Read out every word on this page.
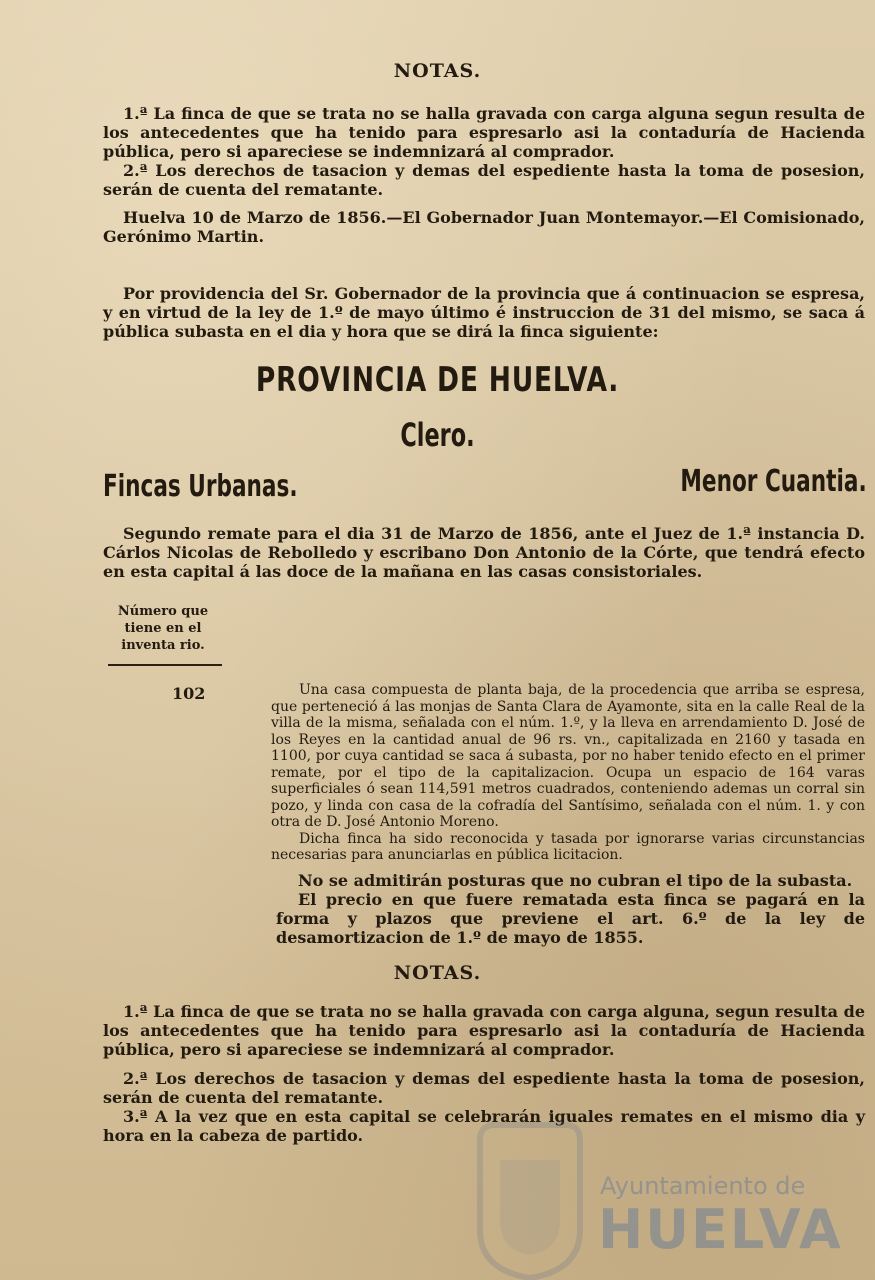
NOTAS.
1.ª La finca de que se trata no se halla gravada con carga alguna segun resulta de los antecedentes que ha tenido para espresarlo asi la contaduría de Hacienda pública, pero si apareciese se indemnizará al comprador.
2.ª Los derechos de tasacion y demas del espediente hasta la toma de posesion, serán de cuenta del rematante.
Huelva 10 de Marzo de 1856.—El Gobernador Juan Montemayor.—El Comisionado, Gerónimo Martin.
Por providencia del Sr. Gobernador de la provincia que á continuacion se espresa, y en virtud de la ley de 1.º de mayo último é instruccion de 31 del mismo, se saca á pública subasta en el dia y hora que se dirá la finca siguiente:
PROVINCIA DE HUELVA.
Clero.
Fincas Urbanas.	Menor Cuantia.
Segundo remate para el dia 31 de Marzo de 1856, ante el Juez de 1.ª instancia D. Cárlos Nicolas de Rebolledo y escribano Don Antonio de la Córte, que tendrá efecto en esta capital á las doce de la mañana en las casas consistoriales.
Número que tiene en el inventa rio.
102	Una casa compuesta de planta baja, de la procedencia que arriba se espresa, que perteneció á las monjas de Santa Clara de Ayamonte, sita en la calle Real de la villa de la misma, señalada con el núm. 1.º, y la lleva en arrendamiento D. José de los Reyes en la cantidad anual de 96 rs. vn., capitalizada en 2160 y tasada en 1100, por cuya cantidad se saca á subasta, por no haber tenido efecto en el primer remate, por el tipo de la capitalizacion. Ocupa un espacio de 164 varas superficiales ó sean 114,591 metros cuadrados, conteniendo ademas un corral sin pozo, y linda con casa de la cofradía del Santísimo, señalada con el núm. 1. y con otra de D. José Antonio Moreno.

Dicha finca ha sido reconocida y tasada por ignorarse varias circunstancias necesarias para anunciarlas en pública licitacion.

No se admitirán posturas que no cubran el tipo de la subasta.

El precio en que fuere rematada esta finca se pagará en la forma y plazos que previene el art. 6.º de la ley de desamortizacion de 1.º de mayo de 1855.

NOTAS.
1.ª La finca de que se trata no se halla gravada con carga alguna, segun resulta de los antecedentes que ha tenido para espresarlo asi la contaduría de Hacienda pública, pero si apareciese se indemnizará al comprador.
2.ª Los derechos de tasacion y demas del espediente hasta la toma de posesion, serán de cuenta del rematante.
3.ª A la vez que en esta capital se celebrarán iguales remates en el mismo dia y hora en la cabeza de partido.
Ayuntamiento de
HUELVA
